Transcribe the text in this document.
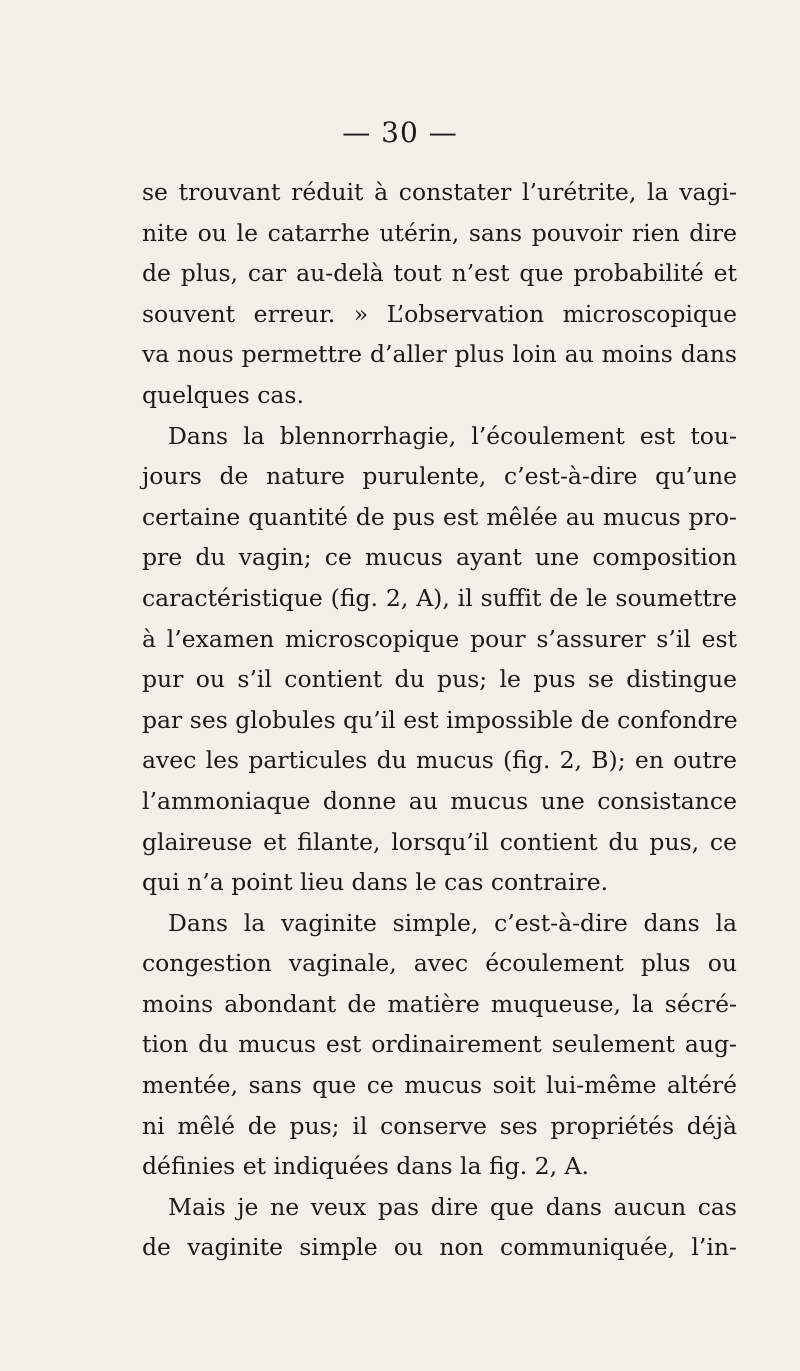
— 30 —
se trouvant réduit à constater l’urétrite, la vagi-
nite ou le catarrhe utérin, sans pouvoir rien dire
de plus, car au-delà tout n’est que probabilité et
souvent erreur. » L’observation microscopique
va nous permettre d’aller plus loin au moins dans
quelques cas.
Dans la blennorrhagie, l’écoulement est tou-
jours de nature purulente, c’est-à-dire qu’une
certaine quantité de pus est mêlée au mucus pro-
pre du vagin; ce mucus ayant une composition
caractéristique (fig. 2, A), il suffit de le soumettre
à l’examen microscopique pour s’assurer s’il est
pur ou s’il contient du pus; le pus se distingue
par ses globules qu’il est impossible de confondre
avec les particules du mucus (fig. 2, B); en outre
l’ammoniaque donne au mucus une consistance
glaireuse et filante, lorsqu’il contient du pus, ce
qui n’a point lieu dans le cas contraire.
Dans la vaginite simple, c’est-à-dire dans la
congestion vaginale, avec écoulement plus ou
moins abondant de matière muqueuse, la sécré-
tion du mucus est ordinairement seulement aug-
mentée, sans que ce mucus soit lui-même altéré
ni mêlé de pus; il conserve ses propriétés déjà
définies et indiquées dans la fig. 2, A.
Mais je ne veux pas dire que dans aucun cas
de vaginite simple ou non communiquée, l’in-
